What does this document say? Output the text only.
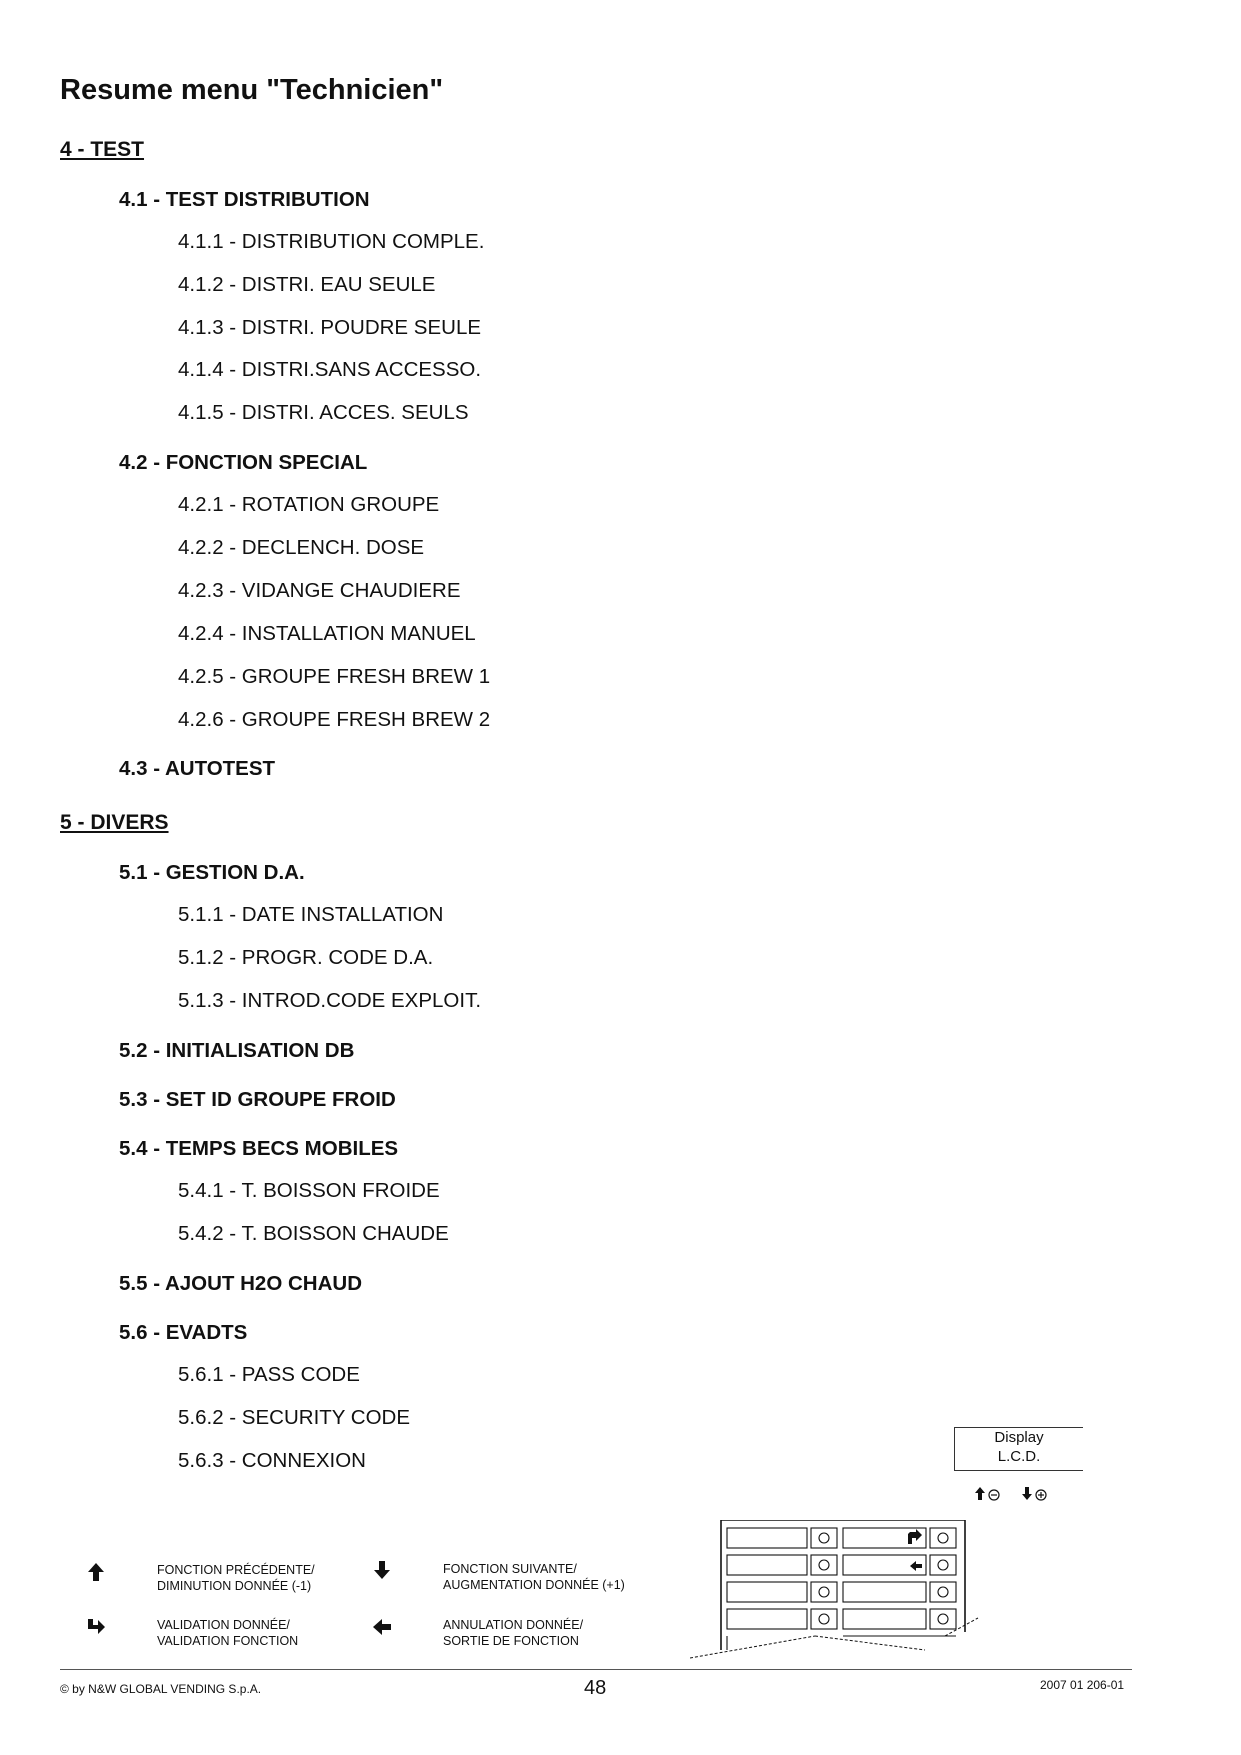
Resume menu "Technicien"
4 - TEST
4.1 - TEST DISTRIBUTION
4.1.1 - DISTRIBUTION COMPLE.
4.1.2 - DISTRI. EAU SEULE
4.1.3 - DISTRI. POUDRE SEULE
4.1.4 - DISTRI.SANS ACCESSO.
4.1.5 - DISTRI. ACCES. SEULS
4.2 - FONCTION SPECIAL
4.2.1 - ROTATION GROUPE
4.2.2 - DECLENCH. DOSE
4.2.3 - VIDANGE CHAUDIERE
4.2.4 - INSTALLATION MANUEL
4.2.5 - GROUPE FRESH BREW 1
4.2.6 - GROUPE FRESH BREW 2
4.3 - AUTOTEST
5 - DIVERS
5.1 - GESTION D.A.
5.1.1 - DATE INSTALLATION
5.1.2 - PROGR. CODE D.A.
5.1.3 - INTROD.CODE EXPLOIT.
5.2 - INITIALISATION DB
5.3 - SET ID GROUPE FROID
5.4 - TEMPS BECS MOBILES
5.4.1 - T. BOISSON FROIDE
5.4.2 - T. BOISSON CHAUDE
5.5 - AJOUT H2O CHAUD
5.6 - EVADTS
5.6.1 - PASS CODE
5.6.2 - SECURITY CODE
5.6.3 - CONNEXION
Display
L.C.D.
FONCTION PRÉCÉDENTE/
DIMINUTION DONNÉE (-1)
FONCTION SUIVANTE/
AUGMENTATION DONNÉE (+1)
VALIDATION DONNÉE/
VALIDATION FONCTION
ANNULATION DONNÉE/
SORTIE DE FONCTION
© by N&W GLOBAL VENDING S.p.A.	48	2007 01 206-01
